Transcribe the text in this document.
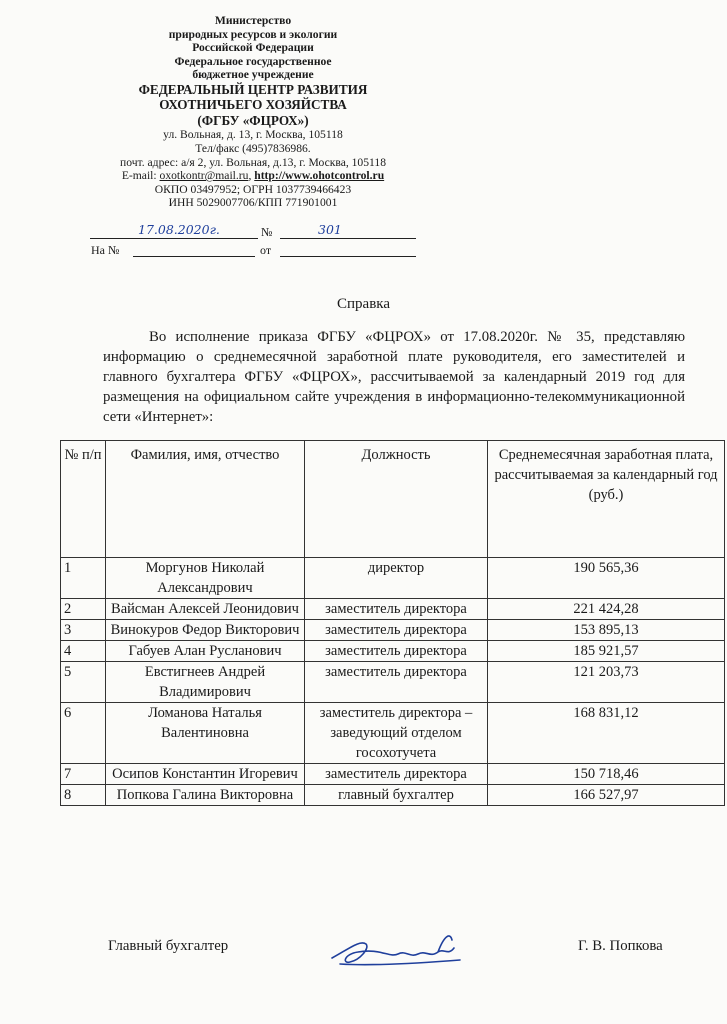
Министерство
природных ресурсов и экологии
Российской Федерации
Федеральное государственное
бюджетное учреждение
ФЕДЕРАЛЬНЫЙ ЦЕНТР РАЗВИТИЯ
ОХОТНИЧЬЕГО ХОЗЯЙСТВА
(ФГБУ «ФЦРОХ»)
ул. Вольная, д. 13, г. Москва, 105118
Тел/факс (495)7836986.
почт. адрес: а/я 2, ул. Вольная, д.13, г. Москва, 105118
E-mail: oxotkontr@mail.ru, http://www.ohotcontrol.ru
ОКПО 03497952; ОГРН 1037739466423
ИНН 5029007706/КПП 771901001
17.08.2020г.	№	301
На №	от
Справка

Во исполнение приказа ФГБУ «ФЦРОХ» от 17.08.2020г. № 35, представляю информацию о среднемесячной заработной плате руководителя, его заместителей и главного бухгалтера ФГБУ «ФЦРОХ», рассчитываемой за календарный 2019 год для размещения на официальном сайте учреждения в информационно-телекоммуникационной сети «Интернет»:

№ п/п	Фамилия, имя, отчество	Должность	Среднемесячная заработная плата, рассчитываемая за календарный год (руб.)
1	Моргунов Николай Александрович	директор	190 565,36
2	Вайсман Алексей Леонидович	заместитель директора	221 424,28
3	Винокуров Федор Викторович	заместитель директора	153 895,13
4	Габуев Алан Русланович	заместитель директора	185 921,57
5	Евстигнеев Андрей Владимирович	заместитель директора	121 203,73
6	Ломанова Наталья Валентиновна	заместитель директора – заведующий отделом госохотучета	168 831,12
7	Осипов Константин Игоревич	заместитель директора	150 718,46
8	Попкова Галина Викторовна	главный бухгалтер	166 527,97
Главный бухгалтер	Г. В. Попкова
